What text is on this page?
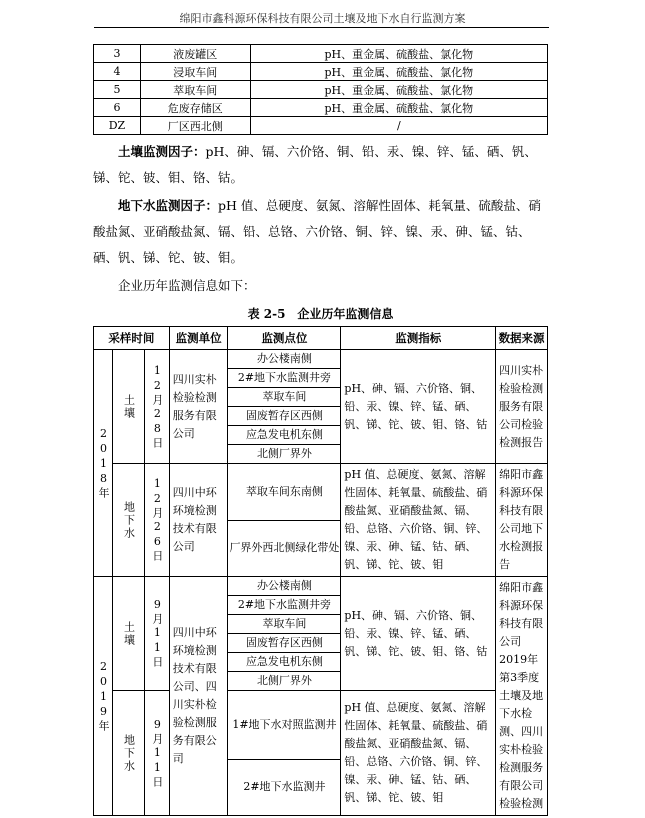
绵阳市鑫科源环保科技有限公司土壤及地下水自行监测方案
3	液废罐区	pH、重金属、硫酸盐、氯化物
4	浸取车间	pH、重金属、硫酸盐、氯化物
5	萃取车间	pH、重金属、硫酸盐、氯化物
6	危废存储区	pH、重金属、硫酸盐、氯化物
DZ	厂区西北侧	/
土壤监测因子：pH、砷、镉、六价铬、铜、铅、汞、镍、锌、锰、硒、钒、锑、铊、铍、钼、铬、钴。
地下水监测因子：pH 值、总硬度、氨氮、溶解性固体、耗氧量、硫酸盐、硝酸盐氮、亚硝酸盐氮、镉、铅、总铬、六价铬、铜、锌、镍、汞、砷、锰、钴、硒、钒、锑、铊、铍、钼。
企业历年监测信息如下：
表 2-5　企业历年监测信息
采样时间			监测单位	监测点位	监测指标	数据来源
2018年	土壤	12月28日	四川实朴检验检测服务有限公司	办公楼南侧	pH、砷、镉、六价铬、铜、铅、汞、镍、锌、锰、硒、钒、锑、铊、铍、钼、铬、钴	四川实朴检验检测服务有限公司检验检测报告
				2#地下水监测井旁		
				萃取车间		
				固废暂存区西侧		
				应急发电机东侧		
				北侧厂界外		
	地下水	12月26日	四川中环环境检测技术有限公司	萃取车间东南侧	pH 值、总硬度、氨氮、溶解性固体、耗氧量、硫酸盐、硝酸盐氮、亚硝酸盐氮、镉、铅、总铬、六价铬、铜、锌、镍、汞、砷、锰、钴、硒、钒、锑、铊、铍、钼	绵阳市鑫科源环保科技有限公司地下水检测报告
				厂界外西北侧绿化带处		
2019年	土壤	9月11日	四川中环环境检测技术有限公司、四川实朴检验检测服务有限公司	办公楼南侧	pH、砷、镉、六价铬、铜、铅、汞、镍、锌、锰、硒、钒、锑、铊、铍、钼、铬、钴	绵阳市鑫科源环保科技有限公司2019年第3季度土壤及地下水检测、四川实朴检验检测服务有限公司检验检测
				2#地下水监测井旁		
				萃取车间		
				固废暂存区西侧		
				应急发电机东侧		
				北侧厂界外		
	地下水	9月11日		1#地下水对照监测井	pH 值、总硬度、氨氮、溶解性固体、耗氧量、硫酸盐、硝酸盐氮、亚硝酸盐氮、镉、铅、总铬、六价铬、铜、锌、镍、汞、砷、锰、钴、硒、钒、锑、铊、铍、钼	
				2#地下水监测井		
